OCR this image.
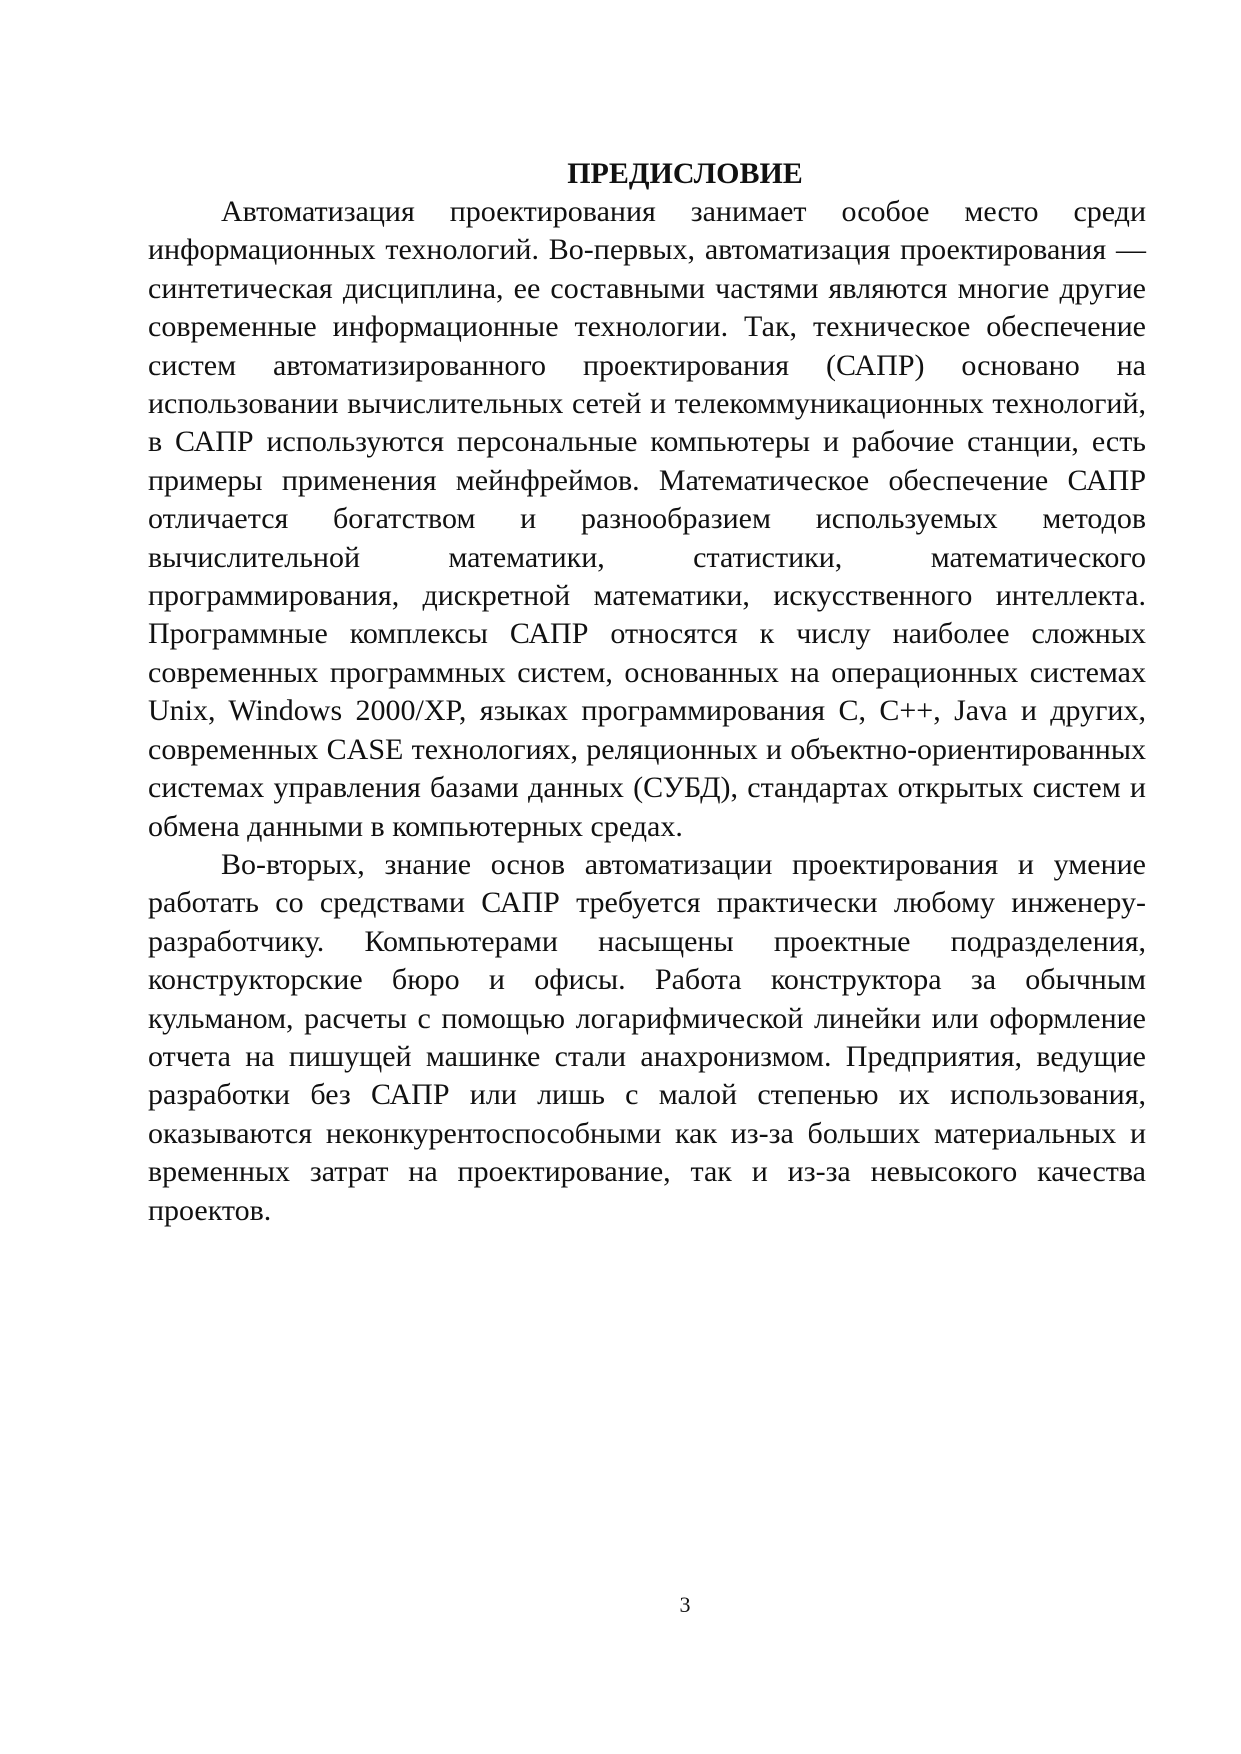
ПРЕДИСЛОВИЕ

Автоматизация проектирования занимает особое место среди информационных технологий. Во-первых, автоматизация проектирования — синтетическая дисциплина, ее составными частями являются многие другие современные информационные технологии. Так, техническое обеспечение систем автоматизированного проектирования (САПР) основано на использовании вычислительных сетей и телекоммуникационных технологий, в САПР используются персональные компьютеры и рабочие станции, есть примеры применения мейнфреймов. Математическое обеспечение САПР отличается богатством и разнообразием используемых методов вычислительной математики, статистики, математического программирования, дискретной математики, искусственного интеллекта. Программные комплексы САПР относятся к числу наиболее сложных современных программных систем, основанных на операционных системах Unix, Windows 2000/XP, языках программирования С, С++, Java и других, современных CASE технологиях, реляционных и объектно-ориентированных системах управления базами данных (СУБД), стандартах открытых систем и обмена данными в компьютерных средах.

Во-вторых, знание основ автоматизации проектирования и умение работать со средствами САПР требуется практически любому инженеру-разработчику. Компьютерами насыщены проектные подразделения, конструкторские бюро и офисы. Работа конструктора за обычным кульманом, расчеты с помощью логарифмической линейки или оформление отчета на пишущей машинке стали анахронизмом. Предприятия, ведущие разработки без САПР или лишь с малой степенью их использования, оказываются неконкурентоспособными как из-за больших материальных и временных затрат на проектирование, так и из-за невысокого качества проектов.

3
